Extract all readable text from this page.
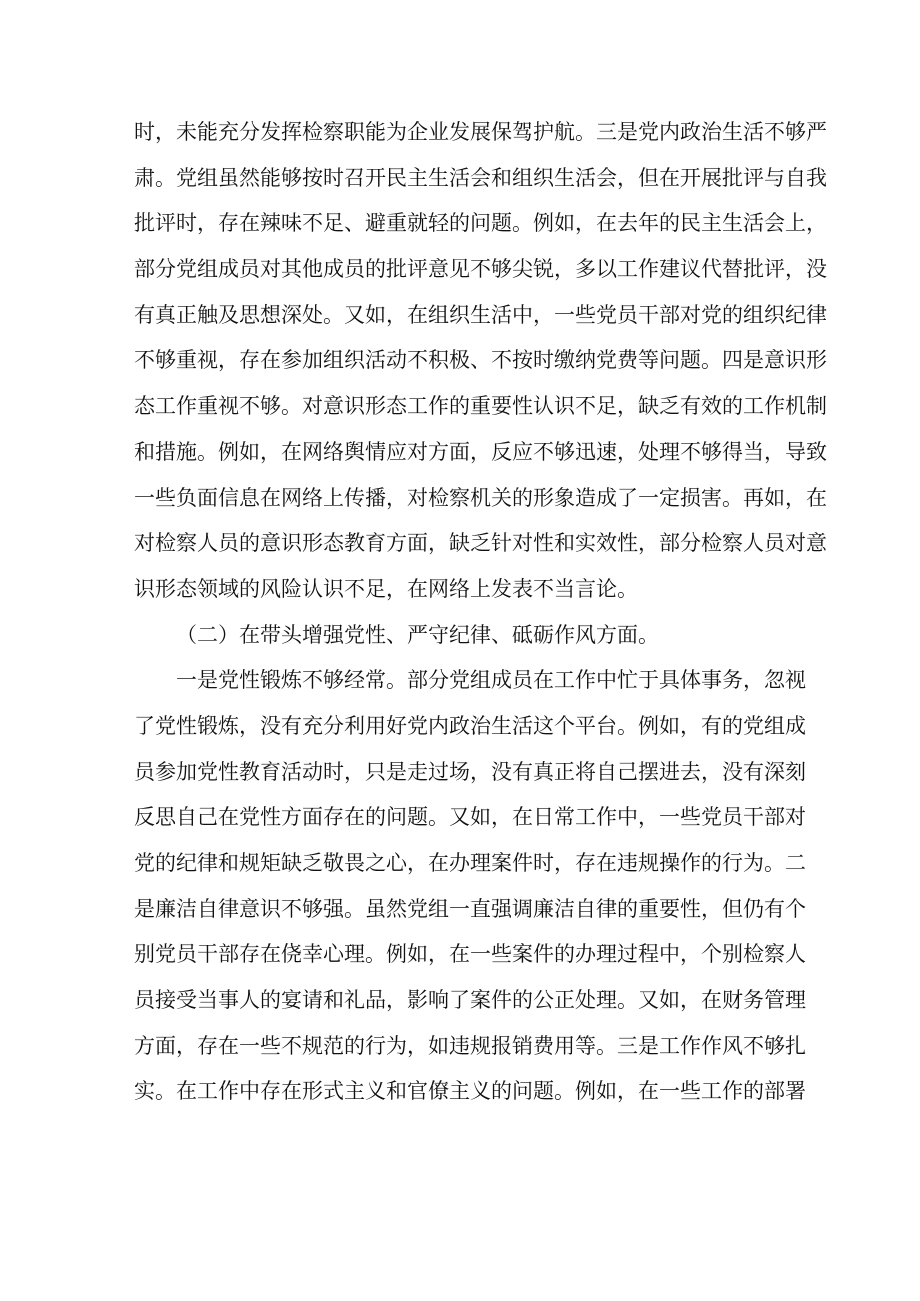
时，未能充分发挥检察职能为企业发展保驾护航。三是党内政治生活不够严
肃。党组虽然能够按时召开民主生活会和组织生活会，但在开展批评与自我
批评时，存在辣味不足、避重就轻的问题。例如，在去年的民主生活会上，
部分党组成员对其他成员的批评意见不够尖锐，多以工作建议代替批评，没
有真正触及思想深处。又如，在组织生活中，一些党员干部对党的组织纪律
不够重视，存在参加组织活动不积极、不按时缴纳党费等问题。四是意识形
态工作重视不够。对意识形态工作的重要性认识不足，缺乏有效的工作机制
和措施。例如，在网络舆情应对方面，反应不够迅速，处理不够得当，导致
一些负面信息在网络上传播，对检察机关的形象造成了一定损害。再如，在
对检察人员的意识形态教育方面，缺乏针对性和实效性，部分检察人员对意
识形态领域的风险认识不足，在网络上发表不当言论。
（二）在带头增强党性、严守纪律、砥砺作风方面。
一是党性锻炼不够经常。部分党组成员在工作中忙于具体事务，忽视
了党性锻炼，没有充分利用好党内政治生活这个平台。例如，有的党组成
员参加党性教育活动时，只是走过场，没有真正将自己摆进去，没有深刻
反思自己在党性方面存在的问题。又如，在日常工作中，一些党员干部对
党的纪律和规矩缺乏敬畏之心，在办理案件时，存在违规操作的行为。二
是廉洁自律意识不够强。虽然党组一直强调廉洁自律的重要性，但仍有个
别党员干部存在侥幸心理。例如，在一些案件的办理过程中，个别检察人
员接受当事人的宴请和礼品，影响了案件的公正处理。又如，在财务管理
方面，存在一些不规范的行为，如违规报销费用等。三是工作作风不够扎
实。在工作中存在形式主义和官僚主义的问题。例如，在一些工作的部署
